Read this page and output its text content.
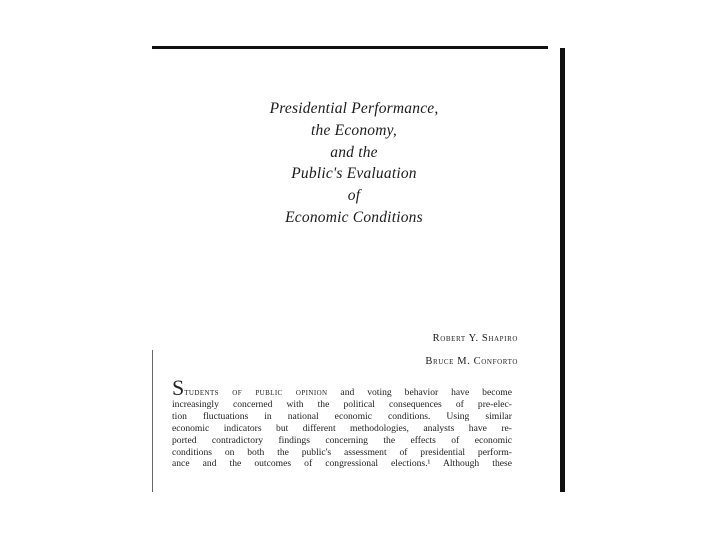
Presidential Performance,
the Economy,
and the
Public's Evaluation
of
Economic Conditions
Robert Y. Shapiro
Bruce M. Conforto
Students of public opinion and voting behavior have become
increasingly concerned with the political consequences of pre-elec-
tion fluctuations in national economic conditions. Using similar
economic indicators but different methodologies, analysts have re-
ported contradictory findings concerning the effects of economic
conditions on both the public's assessment of presidential perform-
ance and the outcomes of congressional elections.¹ Although these
